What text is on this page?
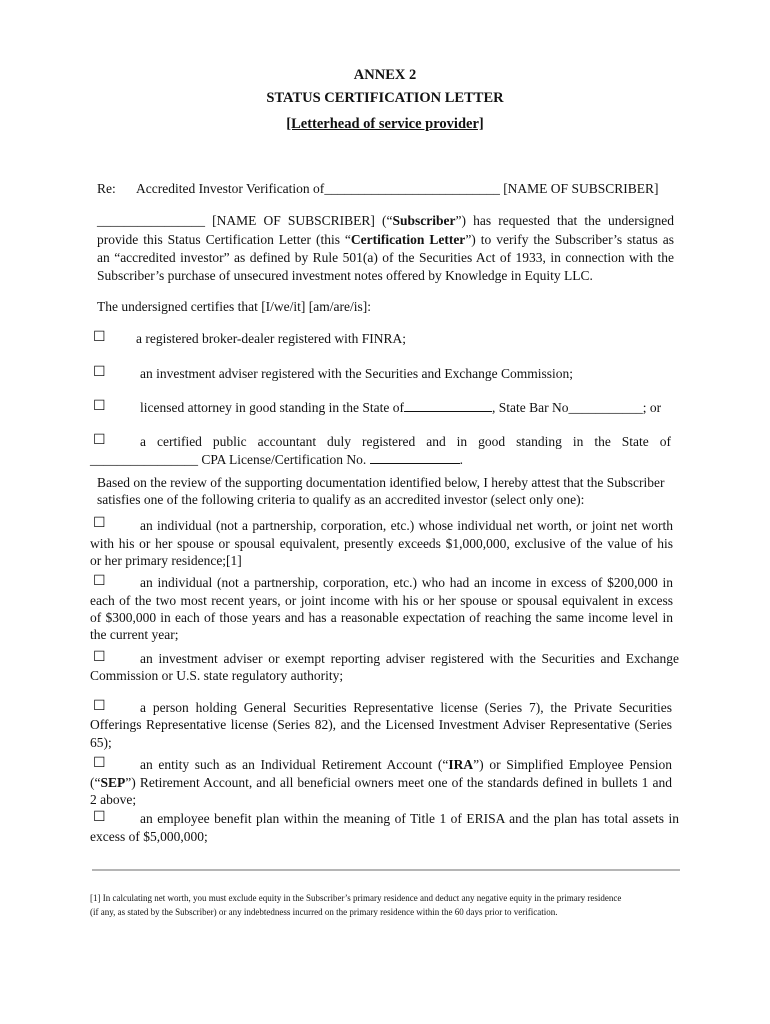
ANNEX 2
STATUS CERTIFICATION LETTER
[Letterhead of service provider]
Re: Accredited Investor Verification of__________________________ [NAME OF SUBSCRIBER]
________________ [NAME OF SUBSCRIBER] (“Subscriber”) has requested that the undersigned
provide this Status Certification Letter (this “Certification Letter”) to verify the Subscriber’s status as
an “accredited investor” as defined by Rule 501(a) of the Securities Act of 1933, in connection with the
Subscriber’s purchase of unsecured investment notes offered by Knowledge in Equity LLC.
The undersigned certifies that [I/we/it] [am/are/is]:
☐ a registered broker-dealer registered with FINRA;
☐	an investment adviser registered with the Securities and Exchange Commission;
☐	licensed attorney in good standing in the State of	, State Bar No___________; or
☐	a certified public accountant duly registered and in good standing in the State of
________________ CPA License/Certification No.	.
Based on the review of the supporting documentation identified below, I hereby attest that the Subscriber
satisfies one of the following criteria to qualify as an accredited investor (select only one):
☐	an individual (not a partnership, corporation, etc.) whose individual net worth, or joint net worth
with his or her spouse or spousal equivalent, presently exceeds $1,000,000, exclusive of the value of his
or her primary residence;[1]
☐	an individual (not a partnership, corporation, etc.) who had an income in excess of $200,000 in
each of the two most recent years, or joint income with his or her spouse or spousal equivalent in excess
of $300,000 in each of those years and has a reasonable expectation of reaching the same income level in
the current year;
☐	an investment adviser or exempt reporting adviser registered with the Securities and Exchange
Commission or U.S. state regulatory authority;
☐	a person holding General Securities Representative license (Series 7), the Private Securities
Offerings Representative license (Series 82), and the Licensed Investment Adviser Representative (Series
65);
☐	an entity such as an Individual Retirement Account (“IRA”) or Simplified Employee Pension
(“SEP”) Retirement Account, and all beneficial owners meet one of the standards defined in bullets 1 and
2 above;
☐	an employee benefit plan within the meaning of Title 1 of ERISA and the plan has total assets in
excess of $5,000,000;
[1] In calculating net worth, you must exclude equity in the Subscriber’s primary residence and deduct any negative equity in the primary residence
(if any, as stated by the Subscriber) or any indebtedness incurred on the primary residence within the 60 days prior to verification.
